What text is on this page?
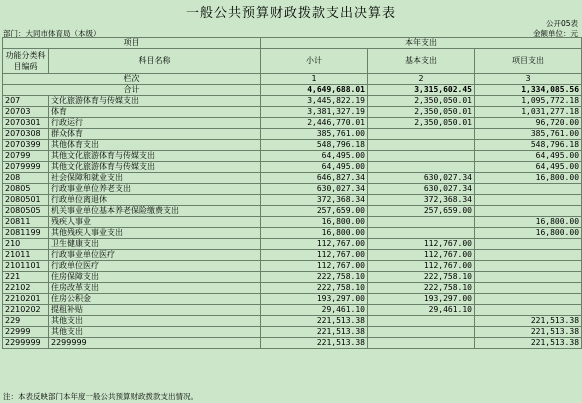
一般公共预算财政拨款支出决算表
公开05表
部门：大同市体育局（本级）	金额单位：元
项目		本年支出		
功能分类科目编码	科目名称	小计	基本支出	项目支出
栏次		1	2	3
合计		4,649,688.01	3,315,602.45	1,334,085.56
207	文化旅游体育与传媒支出	3,445,822.19	2,350,050.01	1,095,772.18
20703	体育	3,381,327.19	2,350,050.01	1,031,277.18
2070301	行政运行	2,446,770.01	2,350,050.01	96,720.00
2070308	群众体育	385,761.00		385,761.00
2070399	其他体育支出	548,796.18		548,796.18
20799	其他文化旅游体育与传媒支出	64,495.00		64,495.00
2079999	其他文化旅游体育与传媒支出	64,495.00		64,495.00
208	社会保障和就业支出	646,827.34	630,027.34	16,800.00
20805	行政事业单位养老支出	630,027.34	630,027.34	
2080501	行政单位离退休	372,368.34	372,368.34	
2080505	机关事业单位基本养老保险缴费支出	257,659.00	257,659.00	
20811	残疾人事业	16,800.00		16,800.00
2081199	其他残疾人事业支出	16,800.00		16,800.00
210	卫生健康支出	112,767.00	112,767.00	
21011	行政事业单位医疗	112,767.00	112,767.00	
2101101	行政单位医疗	112,767.00	112,767.00	
221	住房保障支出	222,758.10	222,758.10	
22102	住房改革支出	222,758.10	222,758.10	
2210201	住房公积金	193,297.00	193,297.00	
2210202	提租补贴	29,461.10	29,461.10	
229	其他支出	221,513.38		221,513.38
22999	其他支出	221,513.38		221,513.38
2299999	2299999	221,513.38		221,513.38
注：本表反映部门本年度一般公共预算财政拨款支出情况。
